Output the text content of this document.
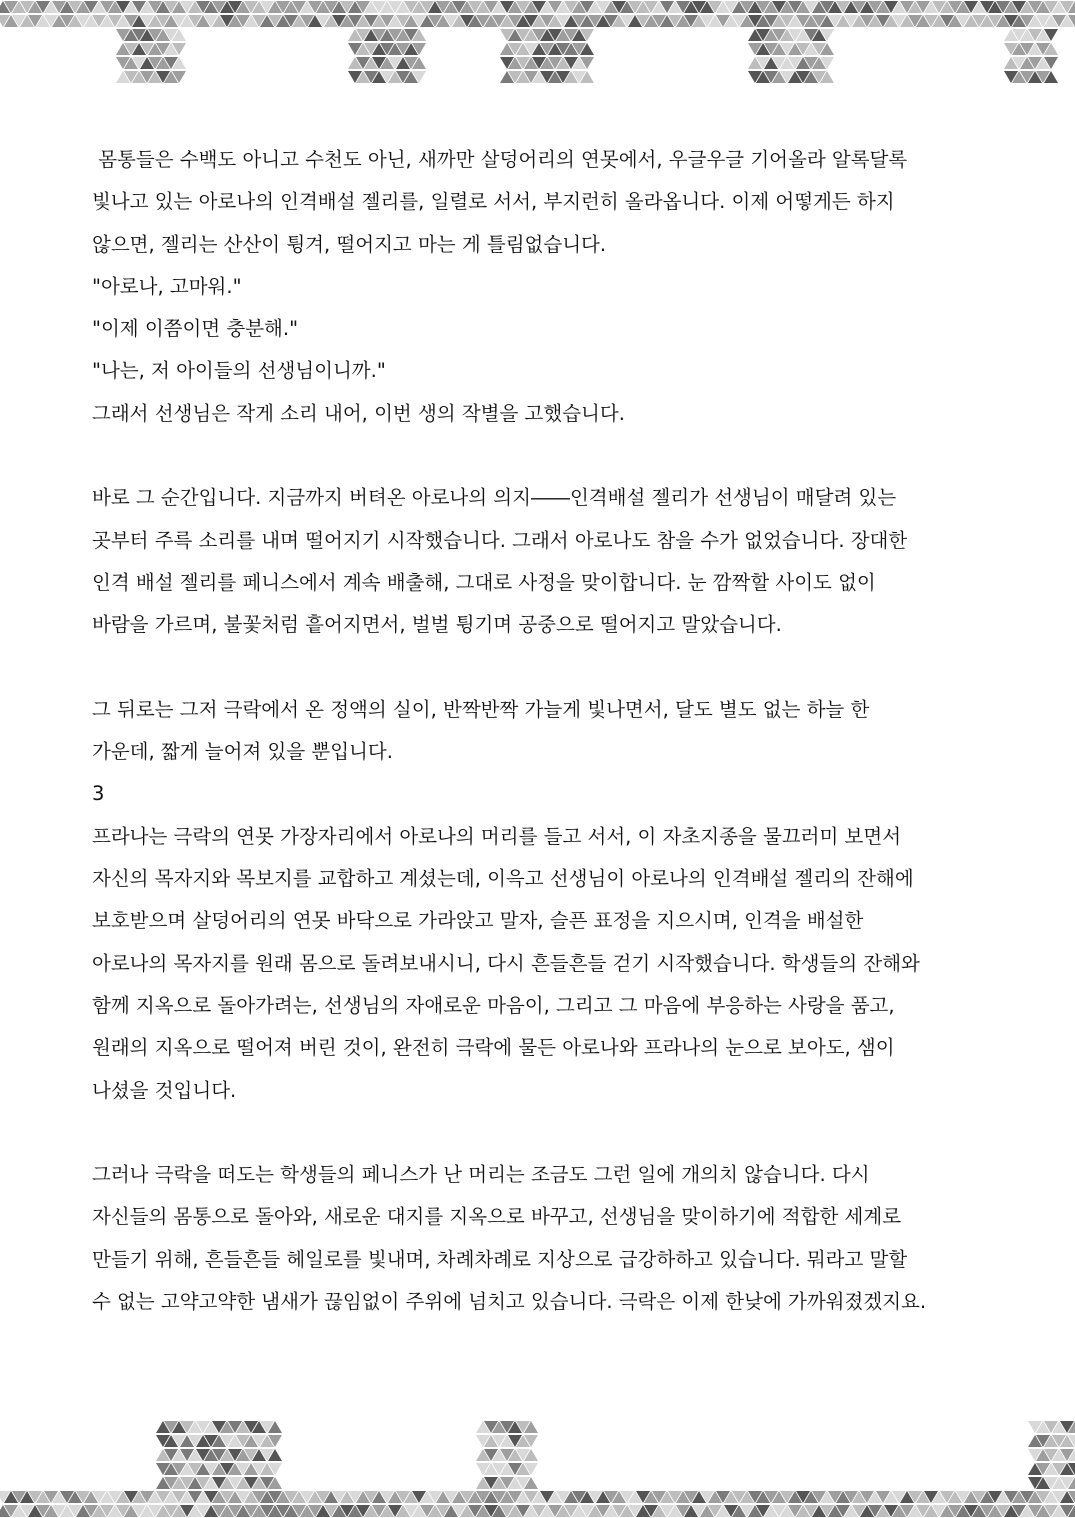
몸통들은 수백도 아니고 수천도 아닌, 새까만 살덩어리의 연못에서, 우글우글 기어올라 알록달록
빛나고 있는 아로나의 인격배설 젤리를, 일렬로 서서, 부지런히 올라옵니다. 이제 어떻게든 하지
않으면, 젤리는 산산이 튕겨, 떨어지고 마는 게 틀림없습니다.
"아로나, 고마워."
"이제 이쯤이면 충분해."
"나는, 저 아이들의 선생님이니까."
그래서 선생님은 작게 소리 내어, 이번 생의 작별을 고했습니다.
바로 그 순간입니다. 지금까지 버텨온 아로나의 의지――인격배설 젤리가 선생님이 매달려 있는
곳부터 주륵 소리를 내며 떨어지기 시작했습니다. 그래서 아로나도 참을 수가 없었습니다. 장대한
인격 배설 젤리를 페니스에서 계속 배출해, 그대로 사정을 맞이합니다. 눈 깜짝할 사이도 없이
바람을 가르며, 불꽃처럼 흩어지면서, 벌벌 튕기며 공중으로 떨어지고 말았습니다.
그 뒤로는 그저 극락에서 온 정액의 실이, 반짝반짝 가늘게 빛나면서, 달도 별도 없는 하늘 한
가운데, 짧게 늘어져 있을 뿐입니다.
3
프라나는 극락의 연못 가장자리에서 아로나의 머리를 들고 서서, 이 자초지종을 물끄러미 보면서
자신의 목자지와 목보지를 교합하고 계셨는데, 이윽고 선생님이 아로나의 인격배설 젤리의 잔해에
보호받으며 살덩어리의 연못 바닥으로 가라앉고 말자, 슬픈 표정을 지으시며, 인격을 배설한
아로나의 목자지를 원래 몸으로 돌려보내시니, 다시 흔들흔들 걷기 시작했습니다. 학생들의 잔해와
함께 지옥으로 돌아가려는, 선생님의 자애로운 마음이, 그리고 그 마음에 부응하는 사랑을 품고,
원래의 지옥으로 떨어져 버린 것이, 완전히 극락에 물든 아로나와 프라나의 눈으로 보아도, 샘이
나셨을 것입니다.
그러나 극락을 떠도는 학생들의 페니스가 난 머리는 조금도 그런 일에 개의치 않습니다. 다시
자신들의 몸통으로 돌아와, 새로운 대지를 지옥으로 바꾸고, 선생님을 맞이하기에 적합한 세계로
만들기 위해, 흔들흔들 헤일로를 빛내며, 차례차례로 지상으로 급강하하고 있습니다. 뭐라고 말할
수 없는 고약고약한 냄새가 끊임없이 주위에 넘치고 있습니다. 극락은 이제 한낮에 가까워졌겠지요.
